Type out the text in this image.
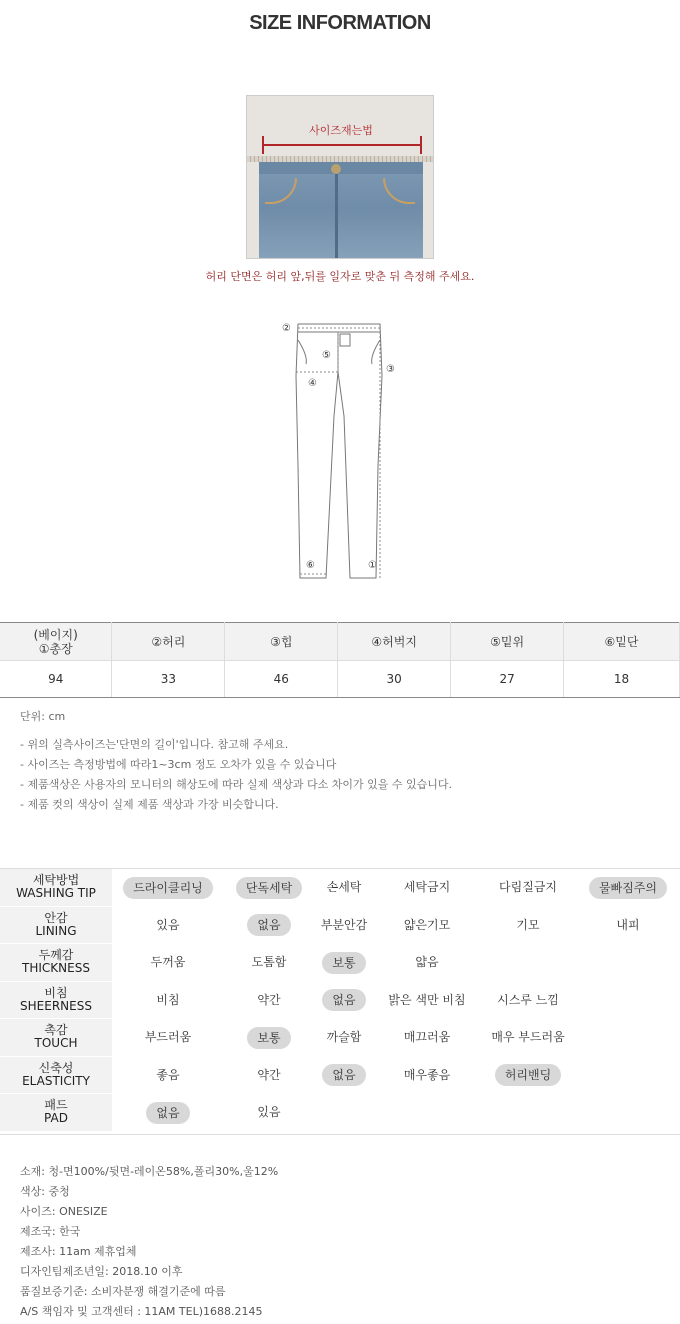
SIZE INFORMATION
사이즈재는법
허리 단면은 허리 앞,뒤를 일자로 맞춘 뒤 측정해 주세요.
②
⑤
③
④
⑥	①
(베이지)
①총장	②허리	③힙	④허벅지	⑤밑위	⑥밑단
94	33	46	30	27	18
단위: cm
- 위의 실측사이즈는'단면의 길이'입니다. 참고해 주세요.
- 사이즈는 측정방법에 따라1~3cm 정도 오차가 있을 수 있습니다
- 제품색상은 사용자의 모니터의 해상도에 따라 실제 색상과 다소 차이가 있을 수 있습니다.
- 제품 컷의 색상이 실제 제품 색상과 가장 비슷합니다.
세탁방법
WASHING TIP	드라이클리닝	단독세탁	손세탁	세탁금지	다림질금지	물빠짐주의
안감
LINING	있음	없음	부분안감	얇은기모	기모	내피
두께감
THICKNESS	두꺼움	도톰함	보통	얇음
비침
SHEERNESS	비침	약간	없음	밝은 색만 비침	시스루 느낌
촉감
TOUCH	부드러움	보통	까슬함	매끄러움	매우 부드러움
신축성
ELASTICITY	좋음	약간	없음	매우좋음	허리밴딩
패드
PAD	없음	있음
소재: 청-면100%/뒷면-레이온58%,폴리30%,울12%
색상: 중청
사이즈: ONESIZE
제조국: 한국
제조사: 11am 제휴업체
디자인팀제조년일: 2018.10 이후
품질보증기준: 소비자분쟁 해결기준에 따름
A/S 책임자 및 고객센터 : 11AM TEL)1688.2145
